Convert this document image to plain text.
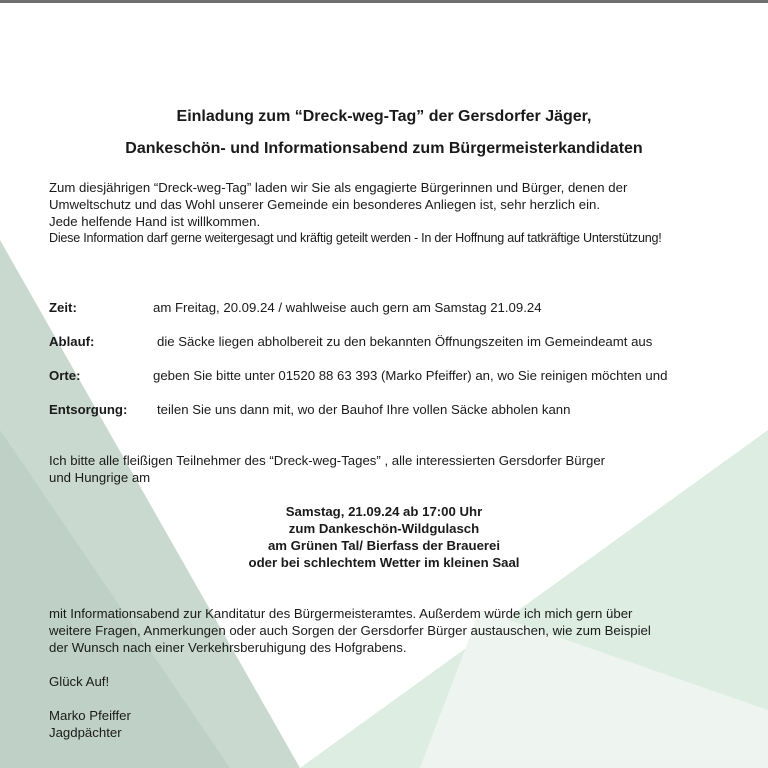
Einladung zum “Dreck-weg-Tag” der Gersdorfer Jäger,
Dankeschön- und Informationsabend zum Bürgermeisterkandidaten
Zum diesjährigen “Dreck-weg-Tag” laden wir Sie als engagierte Bürgerinnen und Bürger, denen der
Umweltschutz und das Wohl unserer Gemeinde ein besonderes Anliegen ist, sehr herzlich ein.
Jede helfende Hand ist willkommen.
Diese Information darf gerne weitergesagt und kräftig geteilt werden - In der Hoffnung auf tatkräftige Unterstützung!
Zeit:	am Freitag, 20.09.24 / wahlweise auch gern am Samstag 21.09.24
Ablauf:	die Säcke liegen abholbereit zu den bekannten Öffnungszeiten im Gemeindeamt aus
Orte:	geben Sie bitte unter 01520 88 63 393 (Marko Pfeiffer) an, wo Sie reinigen möchten und
Entsorgung: teilen Sie uns dann mit, wo der Bauhof Ihre vollen Säcke abholen kann
Ich bitte alle fleißigen Teilnehmer des “Dreck-weg-Tages” , alle interessierten Gersdorfer Bürger
und Hungrige am
Samstag, 21.09.24 ab 17:00 Uhr
zum Dankeschön-Wildgulasch
am Grünen Tal/ Bierfass der Brauerei
oder bei schlechtem Wetter im kleinen Saal
mit Informationsabend zur Kanditatur des Bürgermeisteramtes. Außerdem würde ich mich gern über
weitere Fragen, Anmerkungen oder auch Sorgen der Gersdorfer Bürger austauschen, wie zum Beispiel
der Wunsch nach einer Verkehrsberuhigung des Hofgrabens.
Glück Auf!
Marko Pfeiffer
Jagdpächter
